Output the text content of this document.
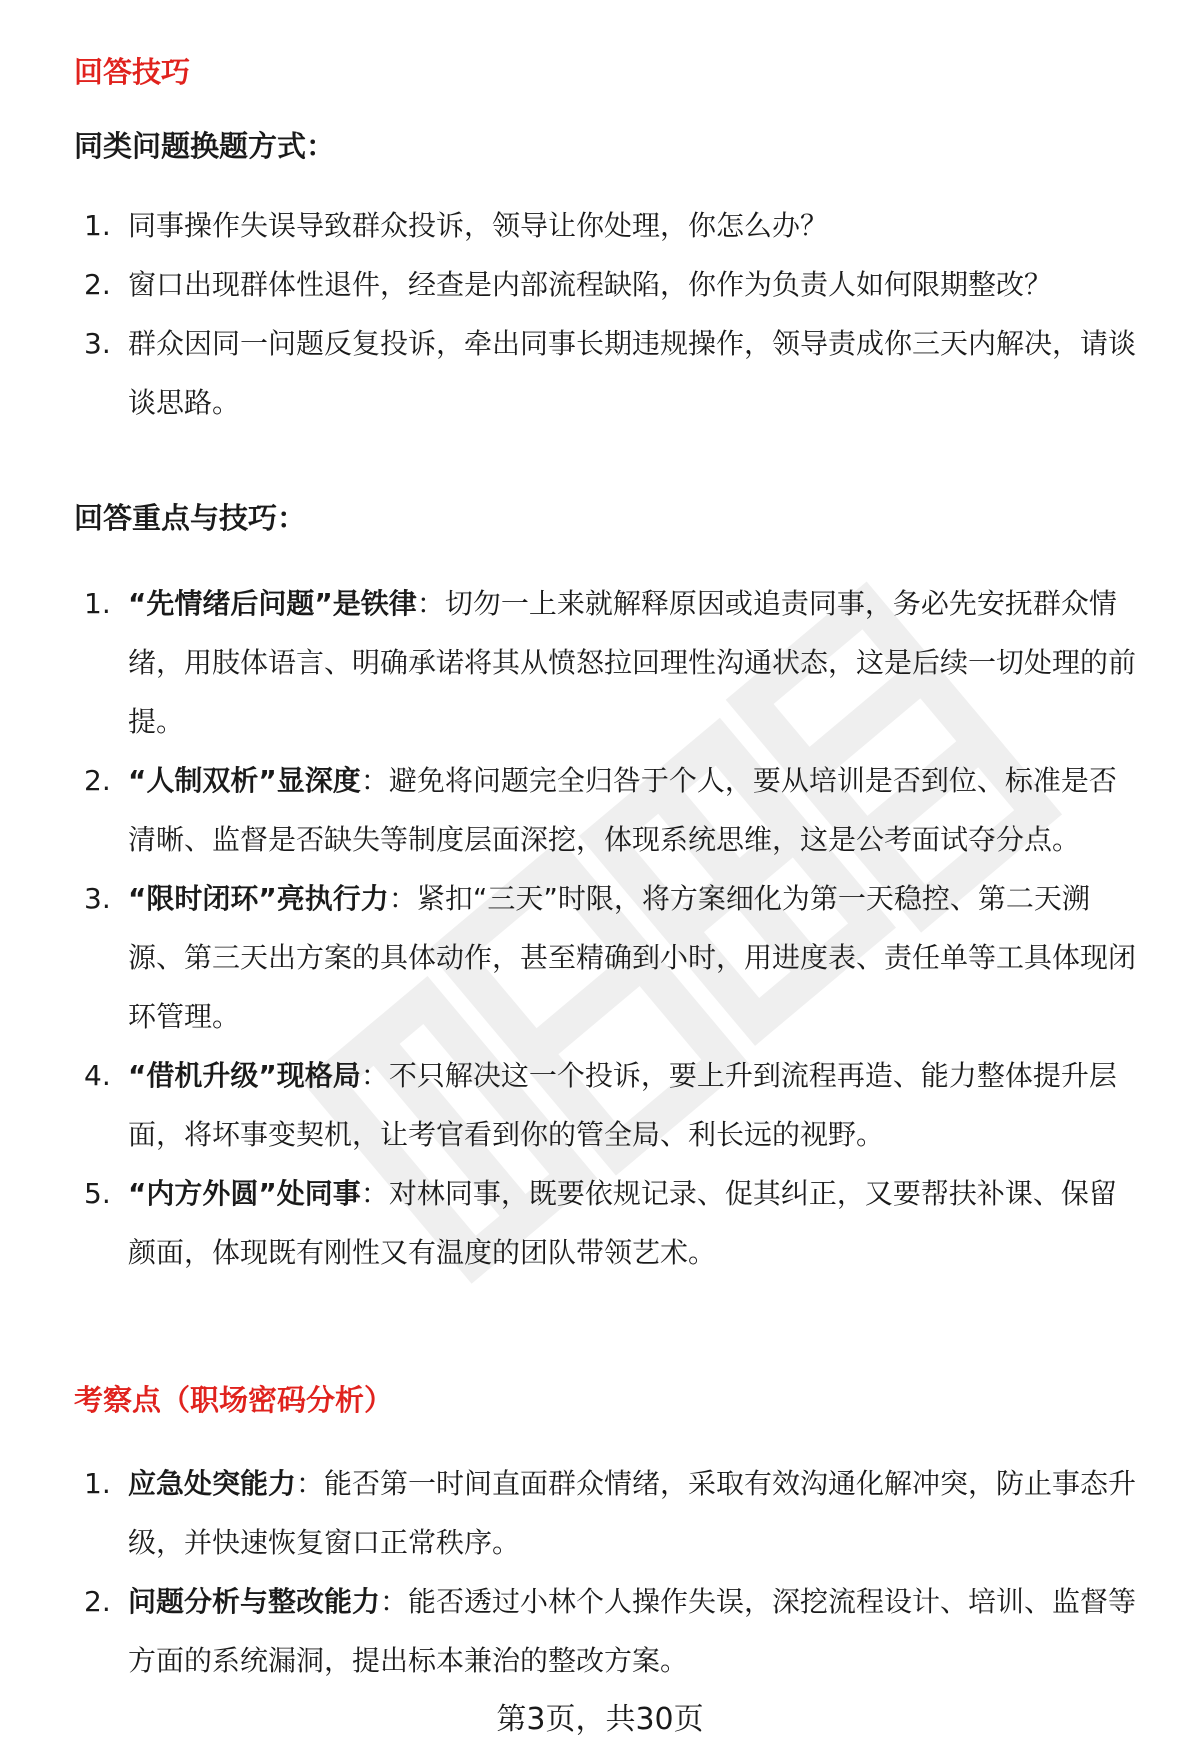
回答技巧
同类问题换题方式：
1. 同事操作失误导致群众投诉，领导让你处理，你怎么办？
2. 窗口出现群体性退件，经查是内部流程缺陷，你作为负责人如何限期整改？
3. 群众因同一问题反复投诉，牵出同事长期违规操作，领导责成你三天内解决，请谈谈思路。
回答重点与技巧：
1. “先情绪后问题”是铁律：切勿一上来就解释原因或追责同事，务必先安抚群众情绪，用肢体语言、明确承诺将其从愤怒拉回理性沟通状态，这是后续一切处理的前提。
2. “人制双析”显深度：避免将问题完全归咎于个人，要从培训是否到位、标准是否清晰、监督是否缺失等制度层面深挖，体现系统思维，这是公考面试夺分点。
3. “限时闭环”亮执行力：紧扣“三天”时限，将方案细化为第一天稳控、第二天溯源、第三天出方案的具体动作，甚至精确到小时，用进度表、责任单等工具体现闭环管理。
4. “借机升级”现格局：不只解决这一个投诉，要上升到流程再造、能力整体提升层面，将坏事变契机，让考官看到你的管全局、利长远的视野。
5. “内方外圆”处同事：对林同事，既要依规记录、促其纠正，又要帮扶补课、保留颜面，体现既有刚性又有温度的团队带领艺术。
考察点（职场密码分析）
1. 应急处突能力：能否第一时间直面群众情绪，采取有效沟通化解冲突，防止事态升级，并快速恢复窗口正常秩序。
2. 问题分析与整改能力：能否透过小林个人操作失误，深挖流程设计、培训、监督等方面的系统漏洞，提出标本兼治的整改方案。
第3页，共30页
